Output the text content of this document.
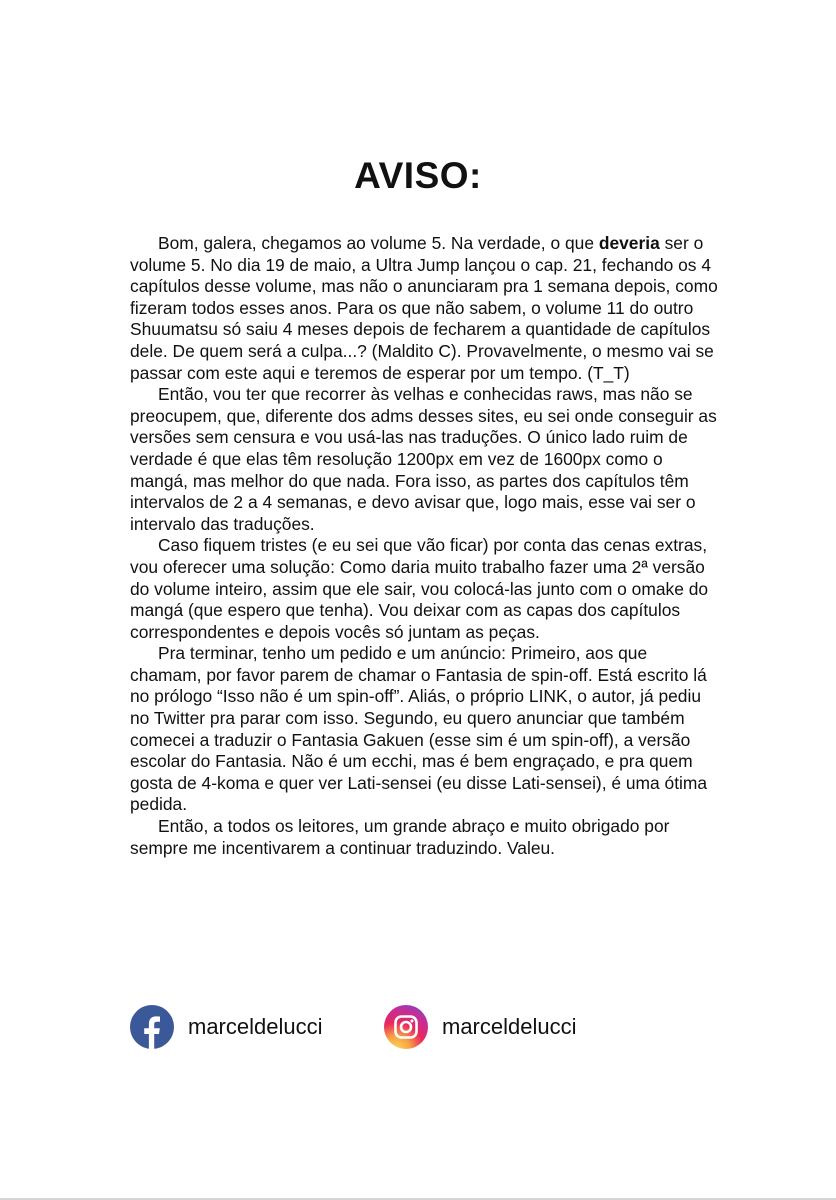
AVISO:

Bom, galera, chegamos ao volume 5. Na verdade, o que deveria ser o volume 5. No dia 19 de maio, a Ultra Jump lançou o cap. 21, fechando os 4 capítulos desse volume, mas não o anunciaram pra 1 semana depois, como fizeram todos esses anos. Para os que não sabem, o volume 11 do outro Shuumatsu só saiu 4 meses depois de fecharem a quantidade de capítulos dele. De quem será a culpa...? (Maldito C). Provavelmente, o mesmo vai se passar com este aqui e teremos de esperar por um tempo. (T_T)

Então, vou ter que recorrer às velhas e conhecidas raws, mas não se preocupem, que, diferente dos adms desses sites, eu sei onde conseguir as versões sem censura e vou usá-las nas traduções. O único lado ruim de verdade é que elas têm resolução 1200px em vez de 1600px como o mangá, mas melhor do que nada. Fora isso, as partes dos capítulos têm intervalos de 2 a 4 semanas, e devo avisar que, logo mais, esse vai ser o intervalo das traduções.

Caso fiquem tristes (e eu sei que vão ficar) por conta das cenas extras, vou oferecer uma solução: Como daria muito trabalho fazer uma 2ª versão do volume inteiro, assim que ele sair, vou colocá-las junto com o omake do mangá (que espero que tenha). Vou deixar com as capas dos capítulos correspondentes e depois vocês só juntam as peças.

Pra terminar, tenho um pedido e um anúncio: Primeiro, aos que chamam, por favor parem de chamar o Fantasia de spin-off. Está escrito lá no prólogo “Isso não é um spin-off”. Aliás, o próprio LINK, o autor, já pediu no Twitter pra parar com isso. Segundo, eu quero anunciar que também comecei a traduzir o Fantasia Gakuen (esse sim é um spin-off), a versão escolar do Fantasia. Não é um ecchi, mas é bem engraçado, e pra quem gosta de 4-koma e quer ver Lati-sensei (eu disse Lati-sensei), é uma ótima pedida.

Então, a todos os leitores, um grande abraço e muito obrigado por sempre me incentivarem a continuar traduzindo. Valeu.

marceldelucci	marceldelucci
